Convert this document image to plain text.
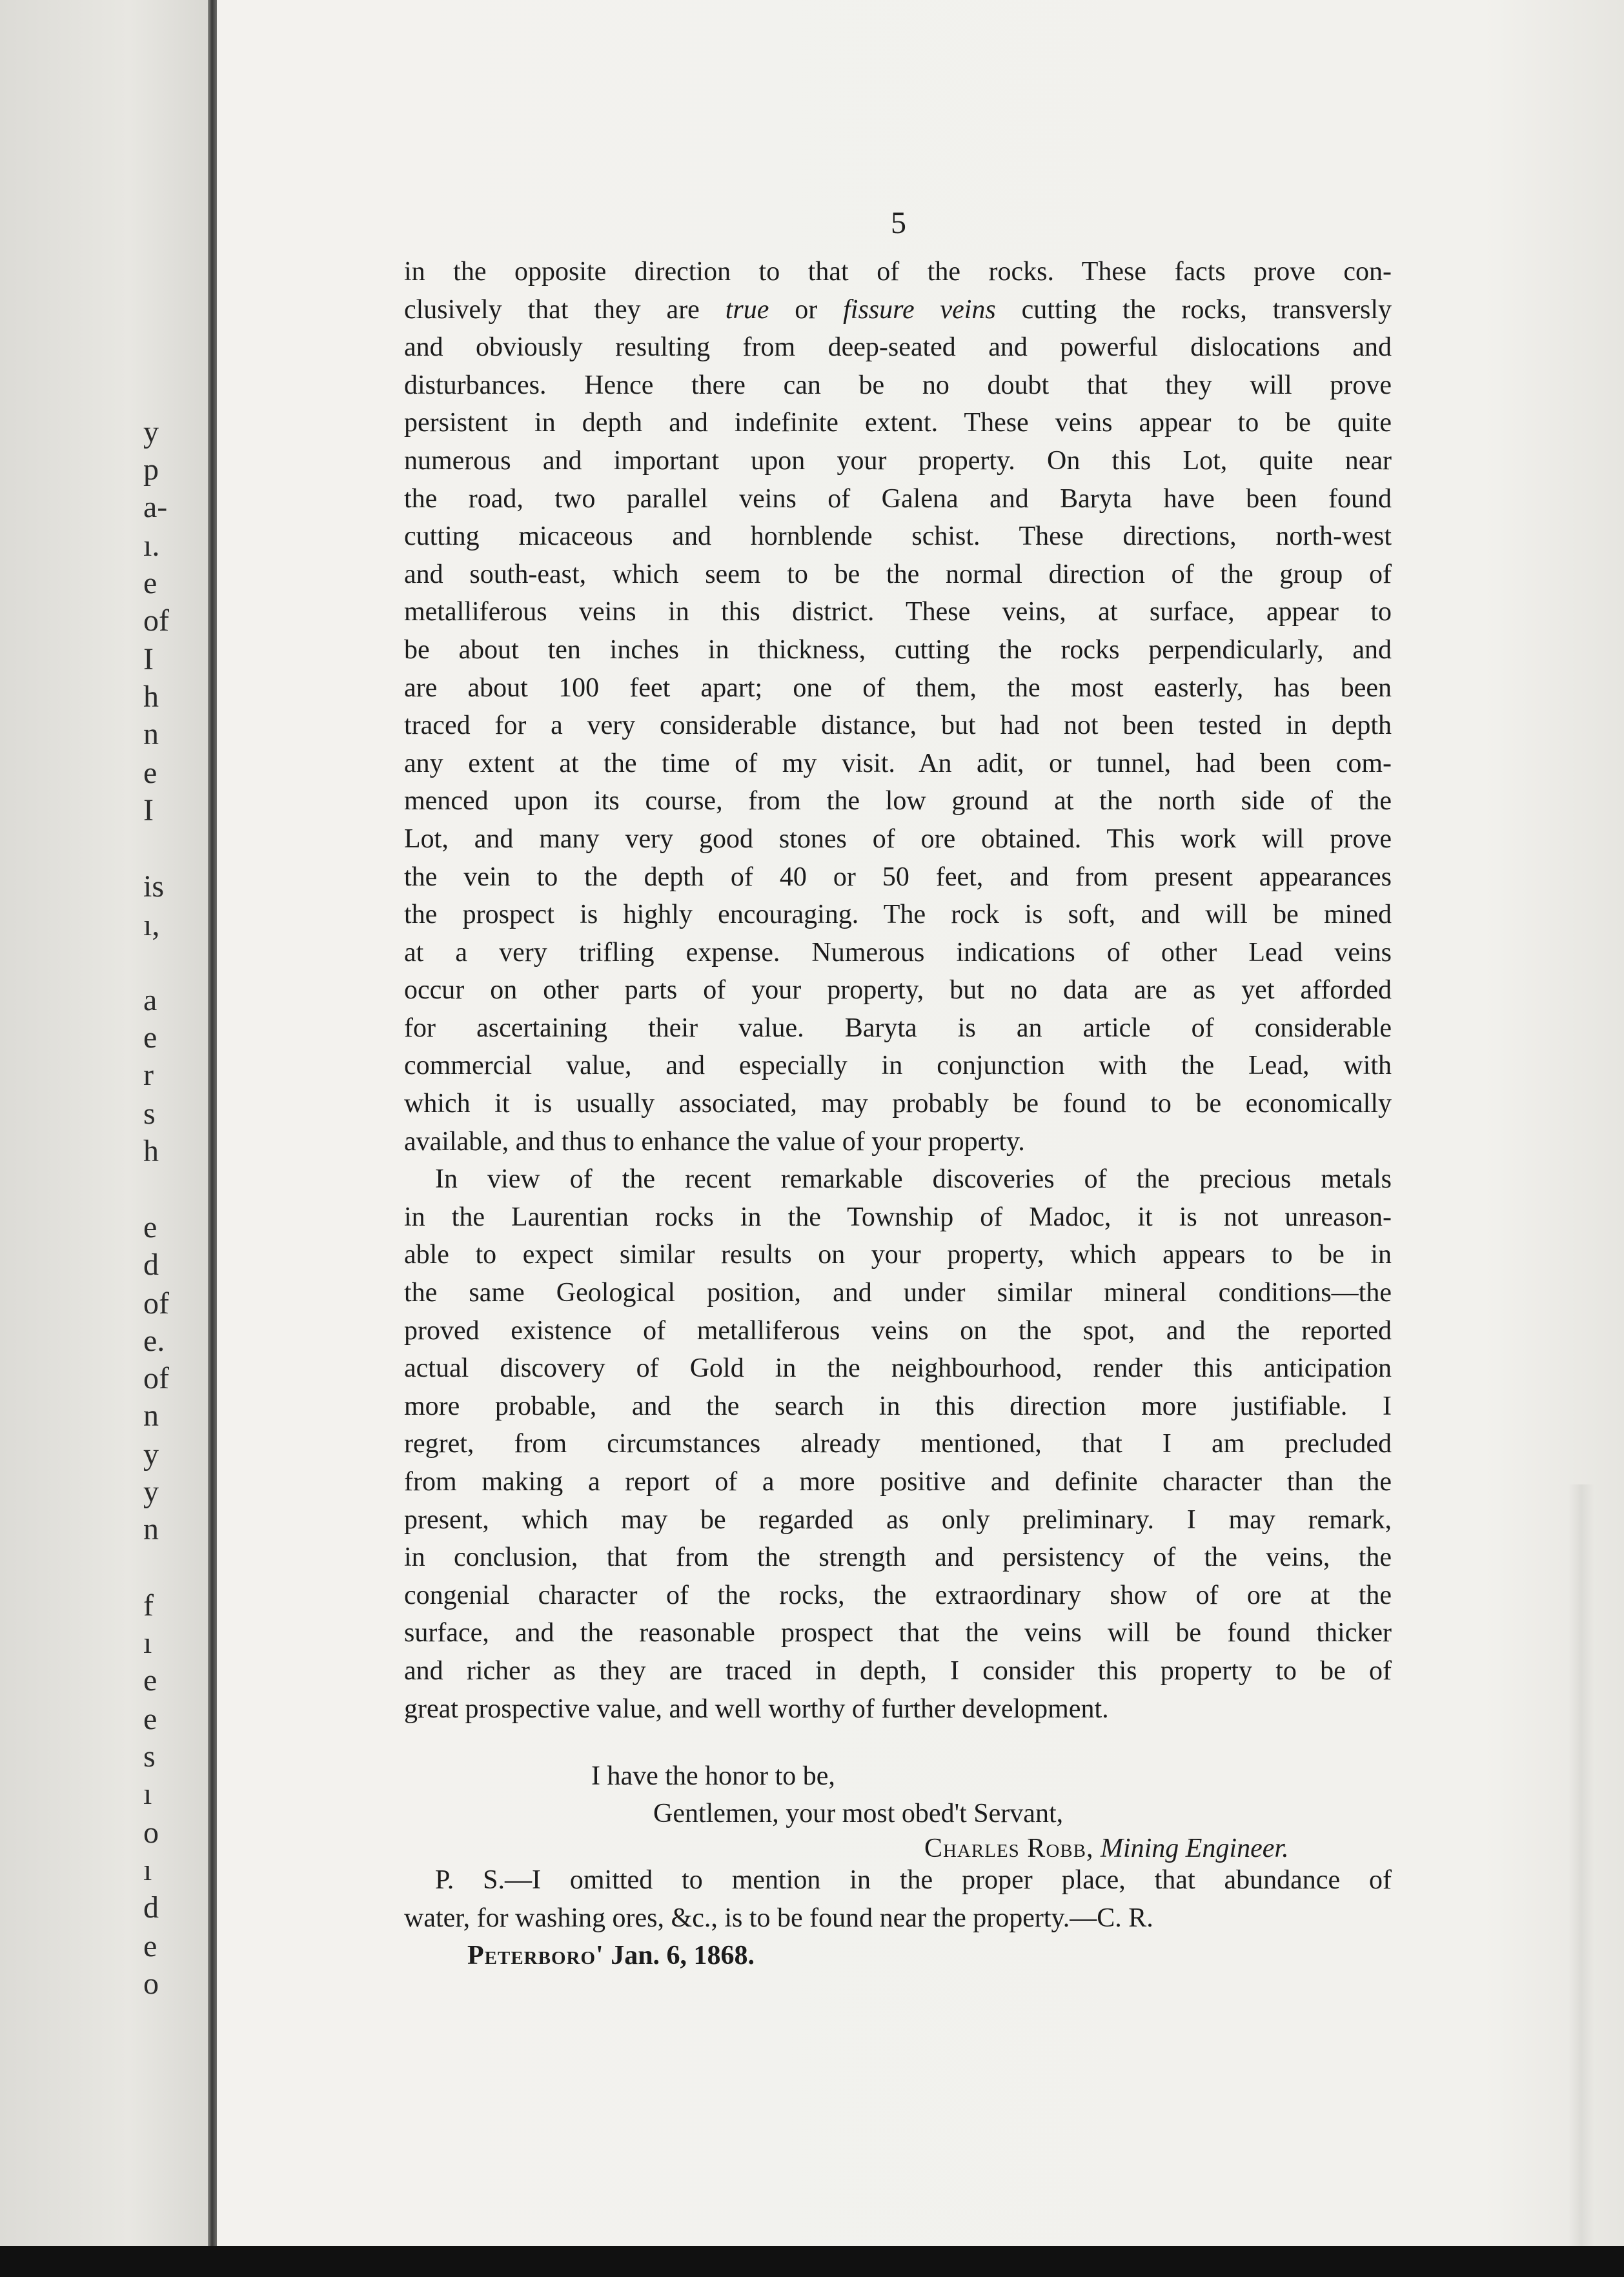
y
p
a-
ı.
e
of
I
h
n
e
I
is
ı,
a
e
r
s
h
e
d
of
e.
of
n
y
y
n
f
ı
e
e
s
ı
o
ı
d
e
o
5
in the opposite direction to that of the rocks. These facts prove con-
clusively that they are true or fissure veins cutting the rocks, transversly
and obviously resulting from deep-seated and powerful dislocations and
disturbances. Hence there can be no doubt that they will prove
persistent in depth and indefinite extent. These veins appear to be quite
numerous and important upon your property. On this Lot, quite near
the road, two parallel veins of Galena and Baryta have been found
cutting micaceous and hornblende schist. These directions, north-west
and south-east, which seem to be the normal direction of the group of
metalliferous veins in this district. These veins, at surface, appear to
be about ten inches in thickness, cutting the rocks perpendicularly, and
are about 100 feet apart; one of them, the most easterly, has been
traced for a very considerable distance, but had not been tested in depth
any extent at the time of my visit. An adit, or tunnel, had been com-
menced upon its course, from the low ground at the north side of the
Lot, and many very good stones of ore obtained. This work will prove
the vein to the depth of 40 or 50 feet, and from present appearances
the prospect is highly encouraging. The rock is soft, and will be mined
at a very trifling expense. Numerous indications of other Lead veins
occur on other parts of your property, but no data are as yet afforded
for ascertaining their value. Baryta is an article of considerable
commercial value, and especially in conjunction with the Lead, with
which it is usually associated, may probably be found to be economically
available, and thus to enhance the value of your property.
In view of the recent remarkable discoveries of the precious metals
in the Laurentian rocks in the Township of Madoc, it is not unreason-
able to expect similar results on your property, which appears to be in
the same Geological position, and under similar mineral conditions—the
proved existence of metalliferous veins on the spot, and the reported
actual discovery of Gold in the neighbourhood, render this anticipation
more probable, and the search in this direction more justifiable. I
regret, from circumstances already mentioned, that I am precluded
from making a report of a more positive and definite character than the
present, which may be regarded as only preliminary. I may remark,
in conclusion, that from the strength and persistency of the veins, the
congenial character of the rocks, the extraordinary show of ore at the
surface, and the reasonable prospect that the veins will be found thicker
and richer as they are traced in depth, I consider this property to be of
great prospective value, and well worthy of further development.
I have the honor to be,
Gentlemen, your most obed't Servant,
Charles Robb, Mining Engineer.
P. S.—I omitted to mention in the proper place, that abundance of
water, for washing ores, &c., is to be found near the property.—C. R.
Peterboro' Jan. 6, 1868.
